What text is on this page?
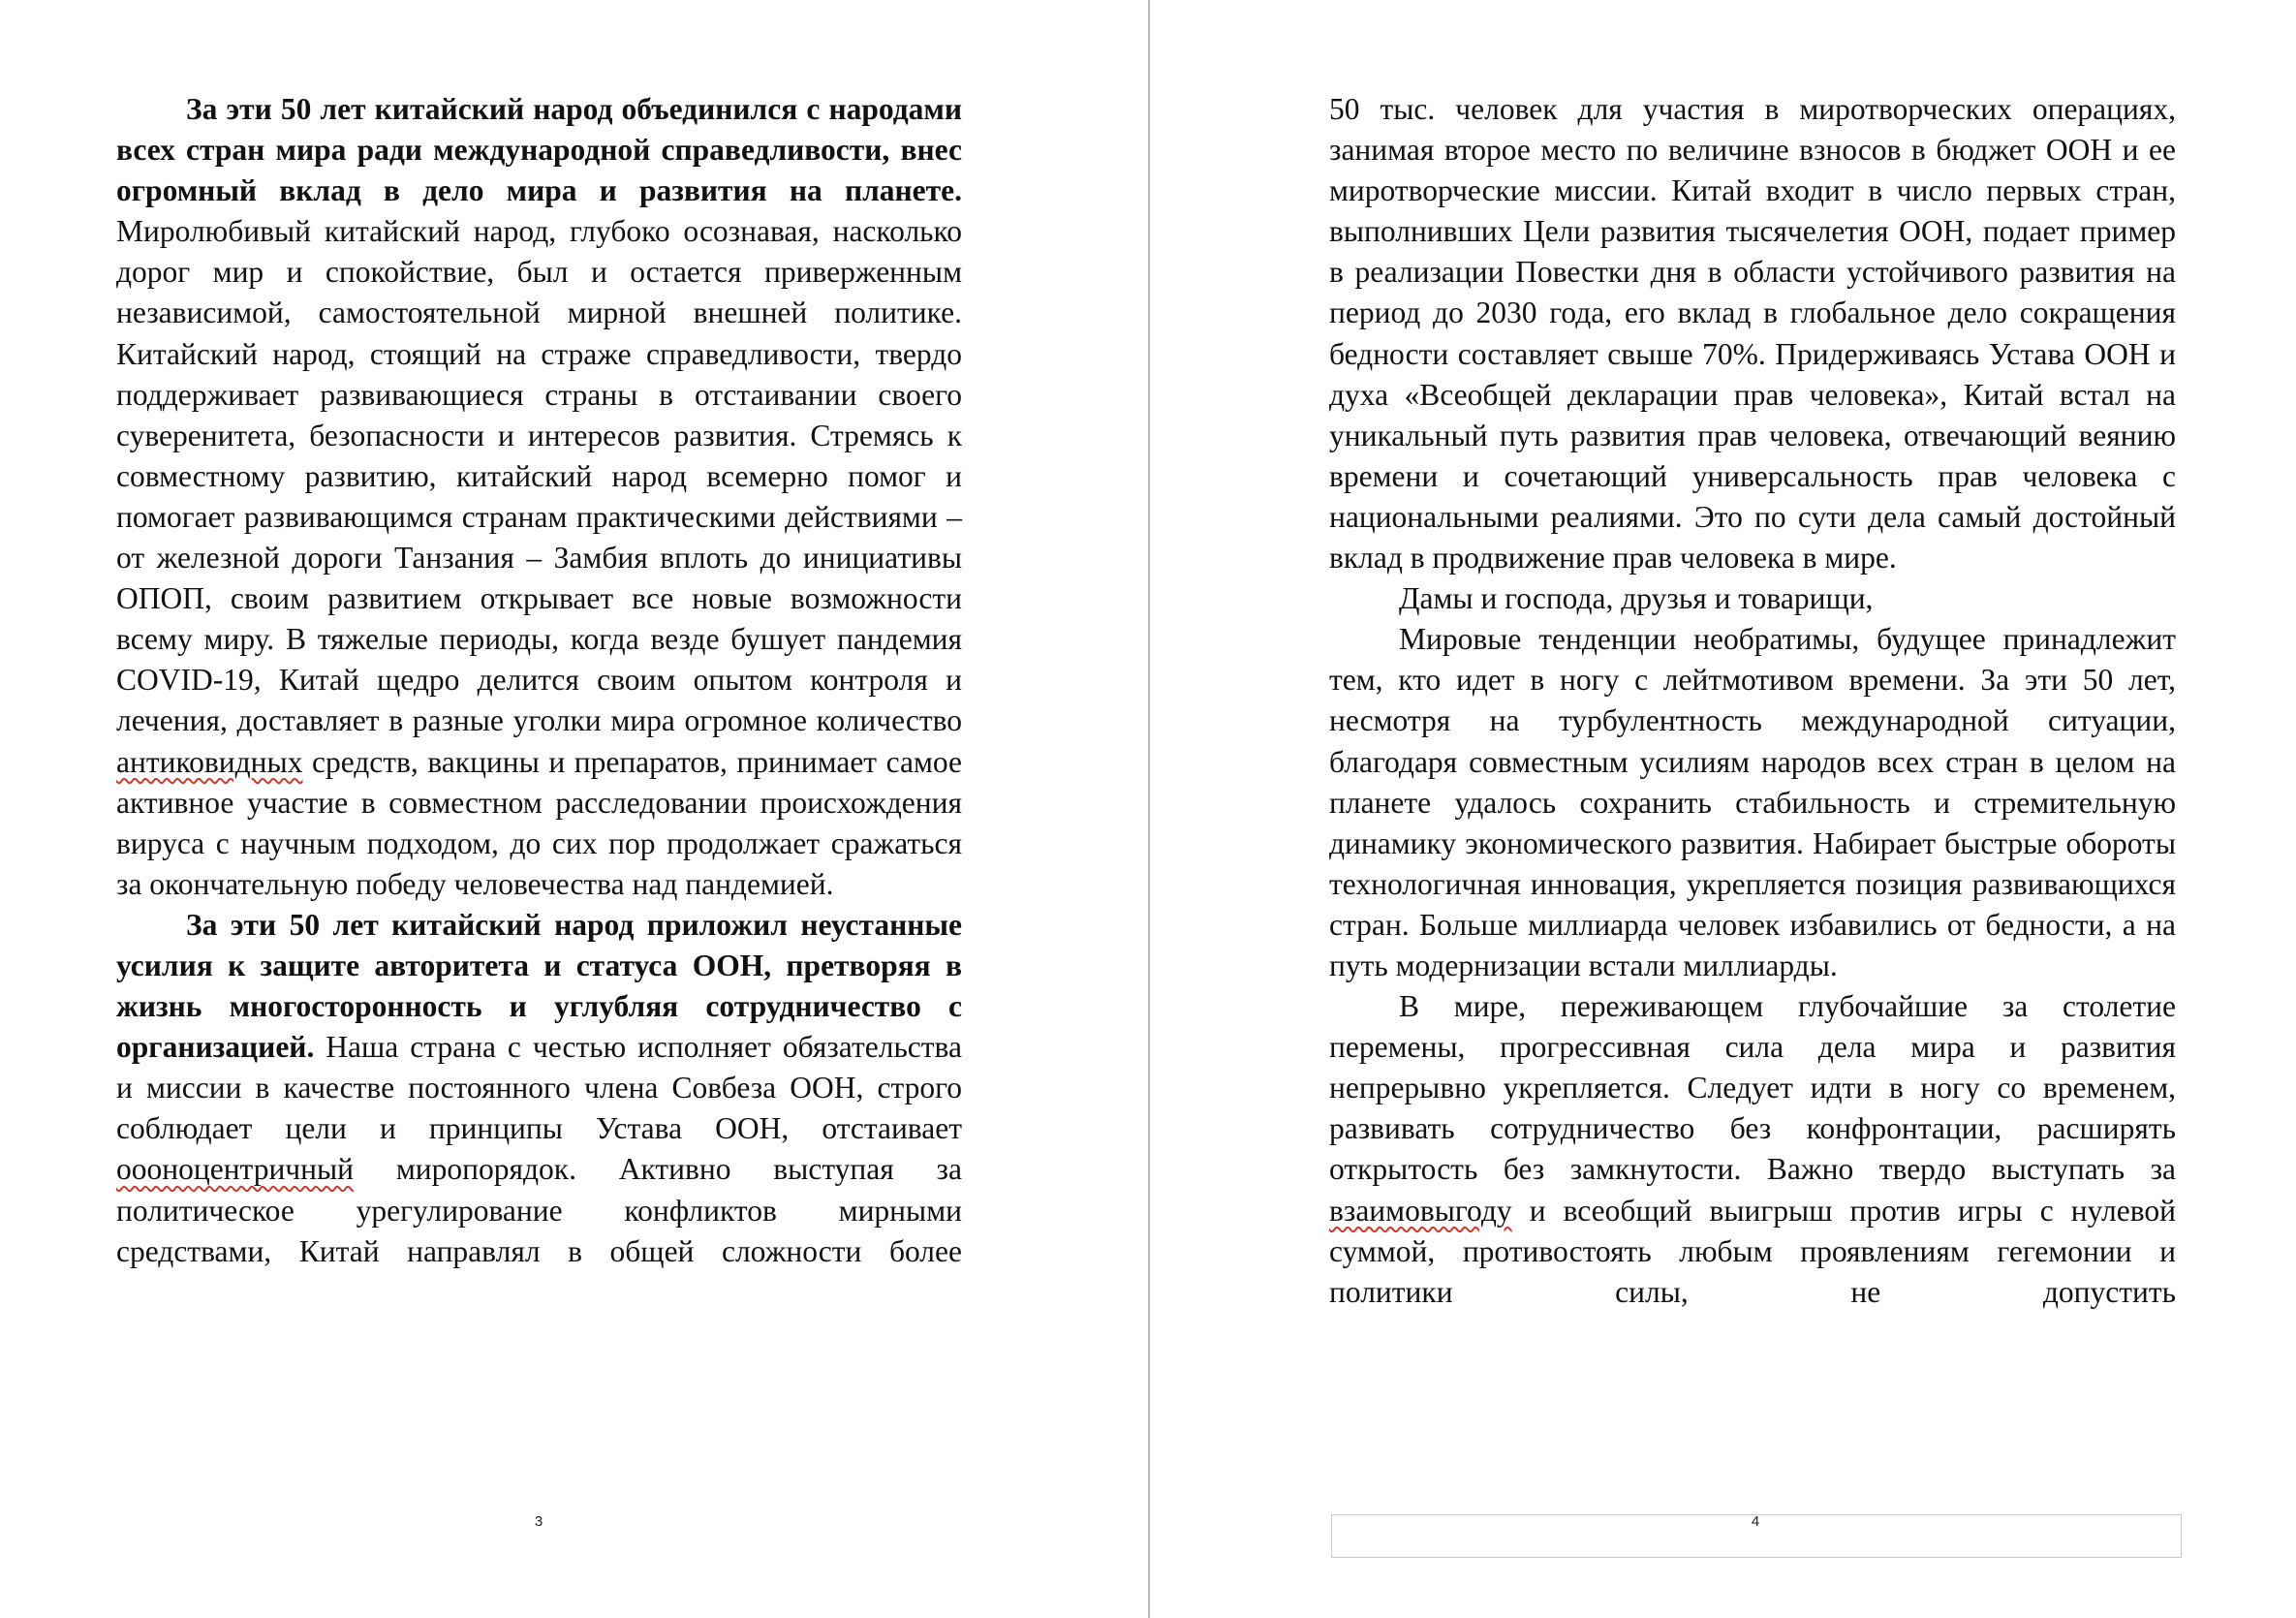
За эти 50 лет китайский народ объединился с народами всех стран мира ради международной справедливости, внес огромный вклад в дело мира и развития на планете. Миролюбивый китайский народ, глубоко осознавая, насколько дорог мир и спокойствие, был и остается приверженным независимой, самостоятельной мирной внешней политике. Китайский народ, стоящий на страже справедливости, твердо поддерживает развивающиеся страны в отстаивании своего суверенитета, безопасности и интересов развития. Стремясь к совместному развитию, китайский народ всемерно помог и помогает развивающимся странам практическими действиями – от железной дороги Танзания – Замбия вплоть до инициативы ОПОП, своим развитием открывает все новые возможности всему миру. В тяжелые периоды, когда везде бушует пандемия COVID-19, Китай щедро делится своим опытом контроля и лечения, доставляет в разные уголки мира огромное количество антиковидных средств, вакцины и препаратов, принимает самое активное участие в совместном расследовании происхождения вируса с научным подходом, до сих пор продолжает сражаться за окончательную победу человечества над пандемией.

За эти 50 лет китайский народ приложил неустанные усилия к защите авторитета и статуса ООН, претворяя в жизнь многосторонность и углубляя сотрудничество с организацией. Наша страна с честью исполняет обязательства и миссии в качестве постоянного члена Совбеза ООН, строго соблюдает цели и принципы Устава ООН, отстаивает оооноцентричный миропорядок. Активно выступая за политическое урегулирование конфликтов мирными средствами, Китай направлял в общей сложности более

3

50 тыс. человек для участия в миротворческих операциях, занимая второе место по величине взносов в бюджет ООН и ее миротворческие миссии. Китай входит в число первых стран, выполнивших Цели развития тысячелетия ООН, подает пример в реализации Повестки дня в области устойчивого развития на период до 2030 года, его вклад в глобальное дело сокращения бедности составляет свыше 70%. Придерживаясь Устава ООН и духа «Всеобщей декларации прав человека», Китай встал на уникальный путь развития прав человека, отвечающий веянию времени и сочетающий универсальность прав человека с национальными реалиями. Это по сути дела самый достойный вклад в продвижение прав человека в мире.

Дамы и господа, друзья и товарищи,

Мировые тенденции необратимы, будущее принадлежит тем, кто идет в ногу с лейтмотивом времени. За эти 50 лет, несмотря на турбулентность международной ситуации, благодаря совместным усилиям народов всех стран в целом на планете удалось сохранить стабильность и стремительную динамику экономического развития. Набирает быстрые обороты технологичная инновация, укрепляется позиция развивающихся стран. Больше миллиарда человек избавились от бедности, а на путь модернизации встали миллиарды.

В мире, переживающем глубочайшие за столетие перемены, прогрессивная сила дела мира и развития непрерывно укрепляется. Следует идти в ногу со временем, развивать сотрудничество без конфронтации, расширять открытость без замкнутости. Важно твердо выступать за взаимовыгоду и всеобщий выигрыш против игры с нулевой суммой, противостоять любым проявлениям гегемонии и политики силы, не допустить

4
